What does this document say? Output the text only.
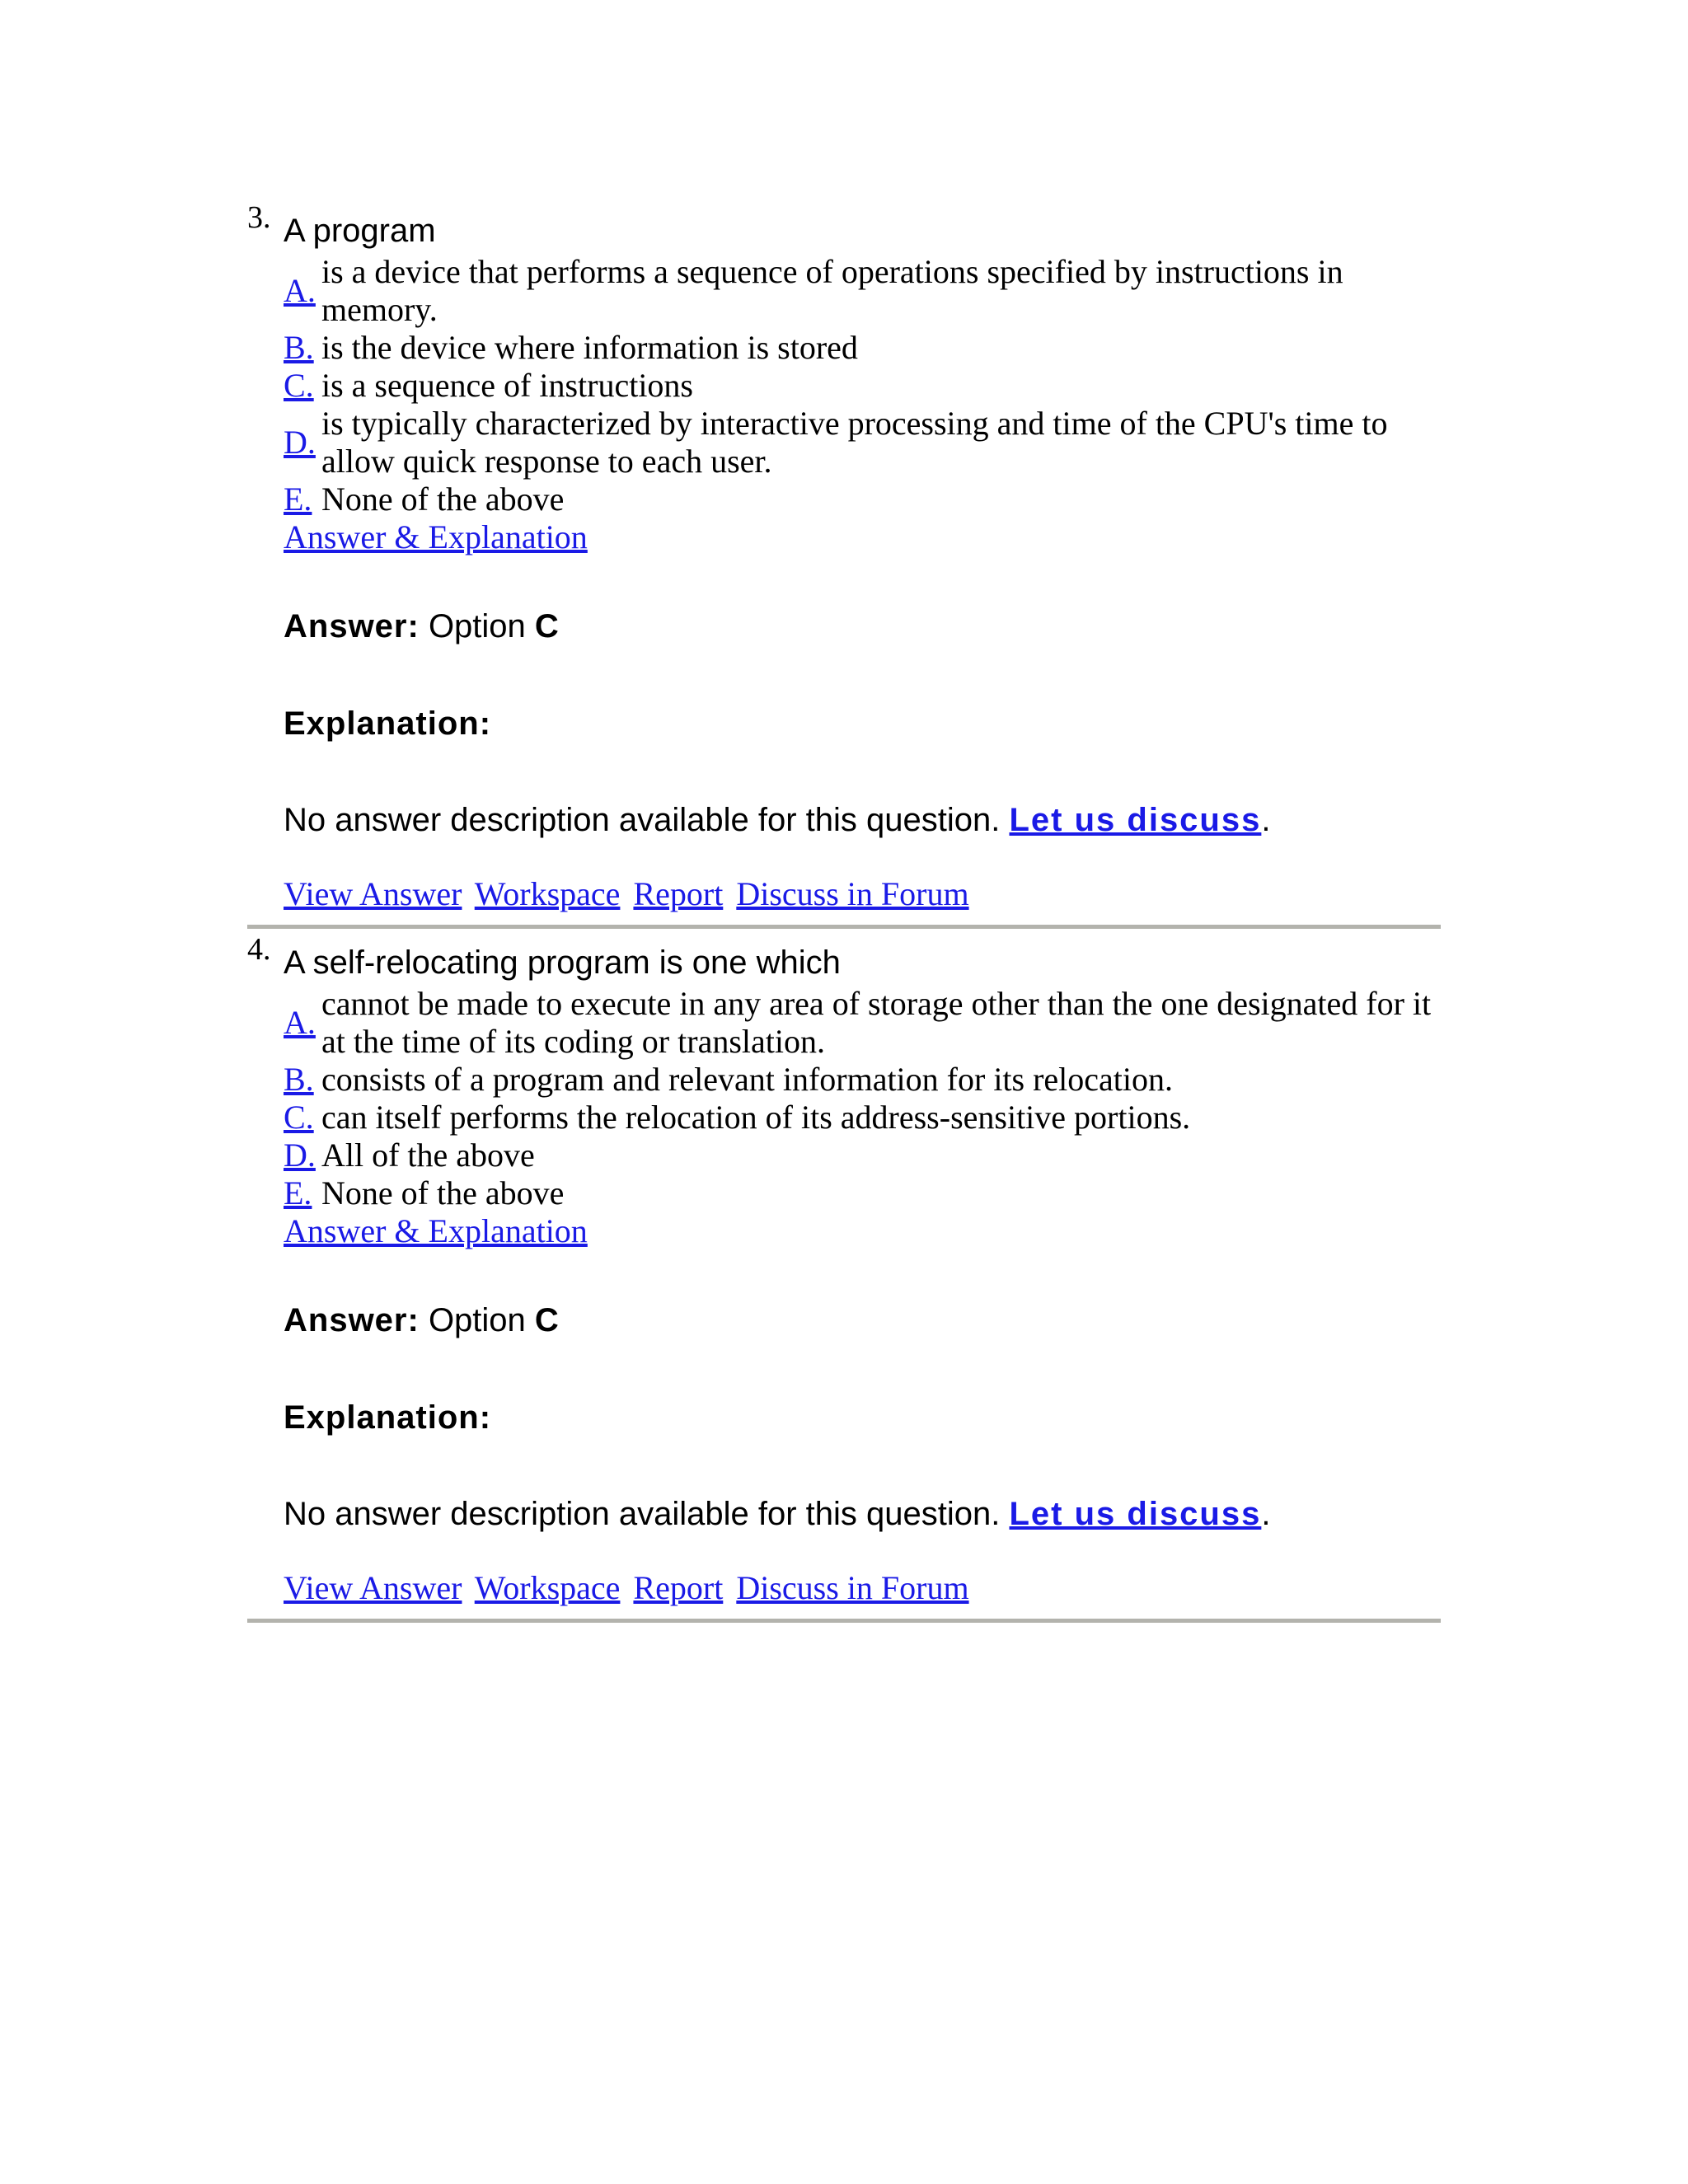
3. A program
A.
is a device that performs a sequence of operations specified by instructions in memory.
B. is the device where information is stored
C. is a sequence of instructions
D.
is typically characterized by interactive processing and time of the CPU's time to allow quick response to each user.
E. None of the above
Answer & Explanation
Answer: Option C
Explanation:
No answer description available for this question. Let us discuss.
View Answer Workspace Report Discuss in Forum
4. A self-relocating program is one which
A.
cannot be made to execute in any area of storage other than the one designated for it at the time of its coding or translation.
B. consists of a program and relevant information for its relocation.
C. can itself performs the relocation of its address-sensitive portions.
D. All of the above
E. None of the above
Answer & Explanation
Answer: Option C
Explanation:
No answer description available for this question. Let us discuss.
View Answer Workspace Report Discuss in Forum
